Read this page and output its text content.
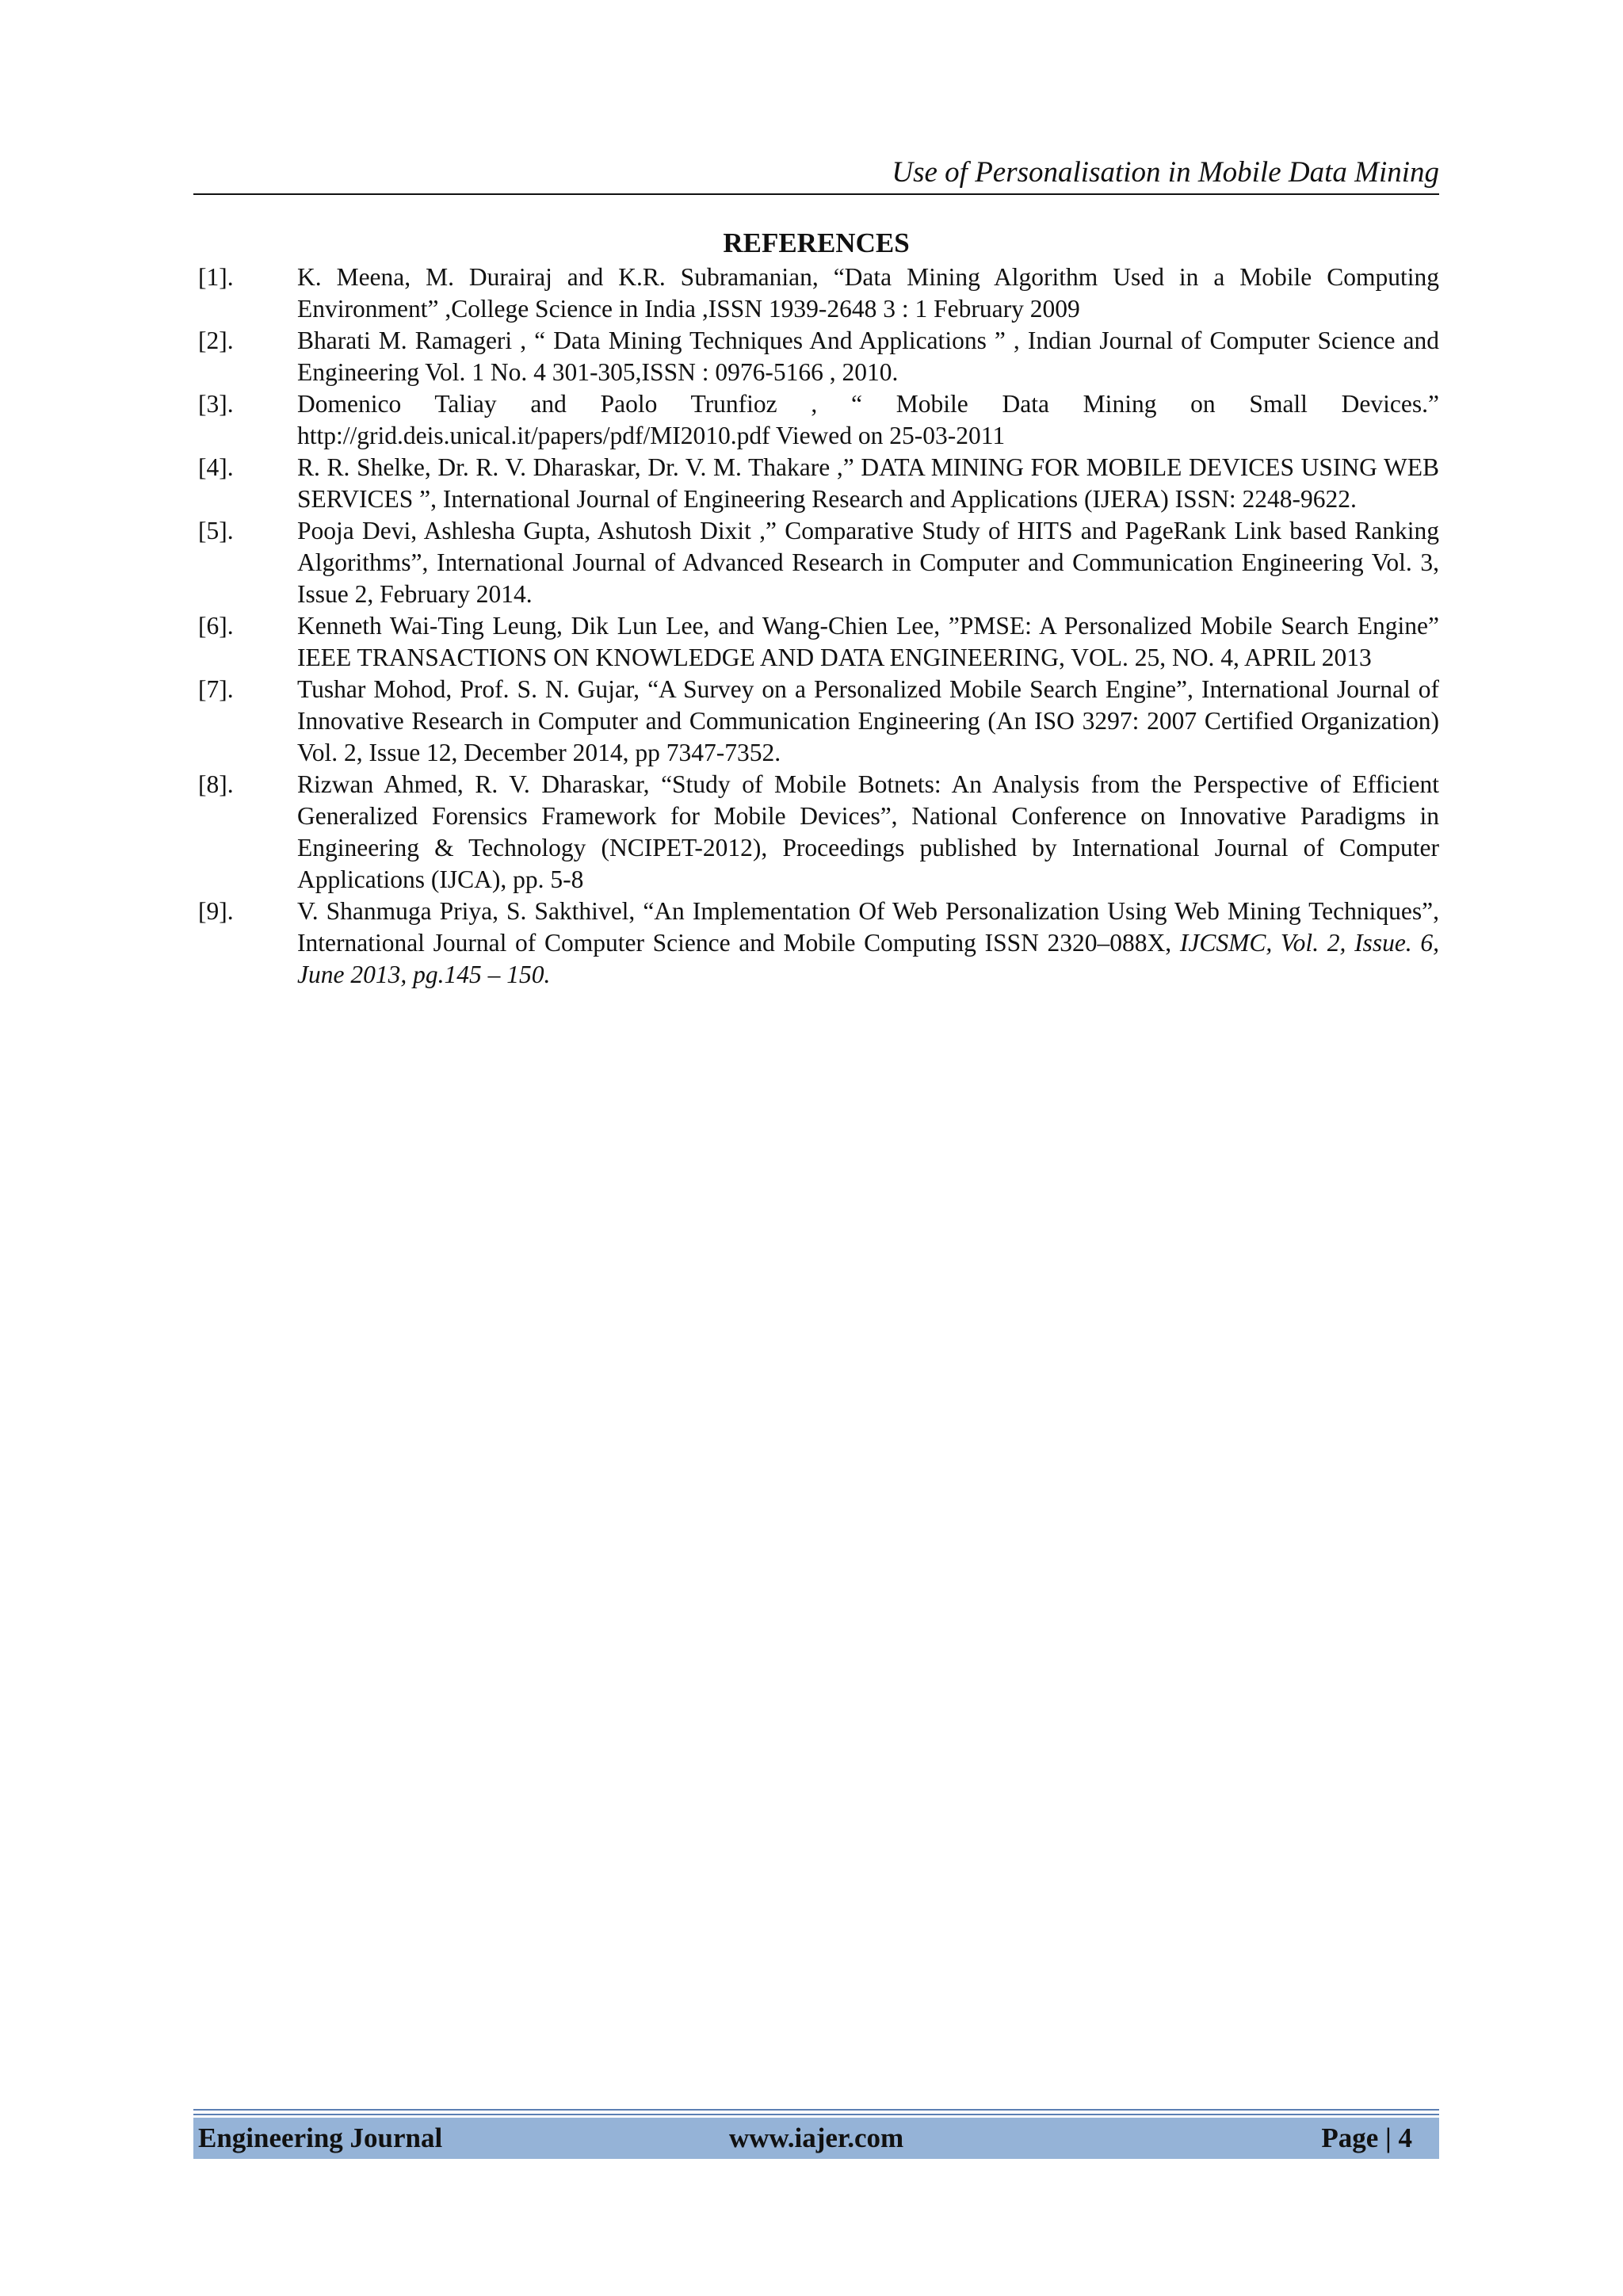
Use of Personalisation in Mobile Data Mining
REFERENCES
[1].	K. Meena, M. Durairaj and K.R. Subramanian, “Data Mining Algorithm Used in a Mobile Computing Environment” ,College Science in India ,ISSN 1939-2648 3 : 1 February 2009
[2].	Bharati M. Ramageri , “ Data Mining Techniques And Applications ” , Indian Journal of Computer Science and Engineering Vol. 1 No. 4 301-305,ISSN : 0976-5166 , 2010.
[3].	Domenico Taliay and Paolo Trunfioz , “ Mobile Data Mining on Small Devices.” http://grid.deis.unical.it/papers/pdf/MI2010.pdf Viewed on 25-03-2011
[4].	R. R. Shelke, Dr. R. V. Dharaskar, Dr. V. M. Thakare ,” DATA MINING FOR MOBILE DEVICES USING WEB SERVICES ”, International Journal of Engineering Research and Applications (IJERA) ISSN: 2248-9622.
[5].	Pooja Devi, Ashlesha Gupta, Ashutosh Dixit ,” Comparative Study of HITS and PageRank Link based Ranking Algorithms”, International Journal of Advanced Research in Computer and Communication Engineering Vol. 3, Issue 2, February 2014.
[6].	Kenneth Wai-Ting Leung, Dik Lun Lee, and Wang-Chien Lee, ”PMSE: A Personalized Mobile Search Engine” IEEE TRANSACTIONS ON KNOWLEDGE AND DATA ENGINEERING, VOL. 25, NO. 4, APRIL 2013
[7].	Tushar Mohod, Prof. S. N. Gujar, “A Survey on a Personalized Mobile Search Engine”, International Journal of Innovative Research in Computer and Communication Engineering (An ISO 3297: 2007 Certified Organization) Vol. 2, Issue 12, December 2014, pp 7347-7352.
[8].	Rizwan Ahmed, R. V. Dharaskar, “Study of Mobile Botnets: An Analysis from the Perspective of Efficient Generalized Forensics Framework for Mobile Devices”, National Conference on Innovative Paradigms in Engineering & Technology (NCIPET-2012), Proceedings published by International Journal of Computer Applications (IJCA), pp. 5-8
[9].	V. Shanmuga Priya, S. Sakthivel, “An Implementation Of Web Personalization Using Web Mining Techniques”, International Journal of Computer Science and Mobile Computing ISSN 2320–088X, IJCSMC, Vol. 2, Issue. 6, June 2013, pg.145 – 150.
www.iajer.com
Engineering Journal	Page | 4
